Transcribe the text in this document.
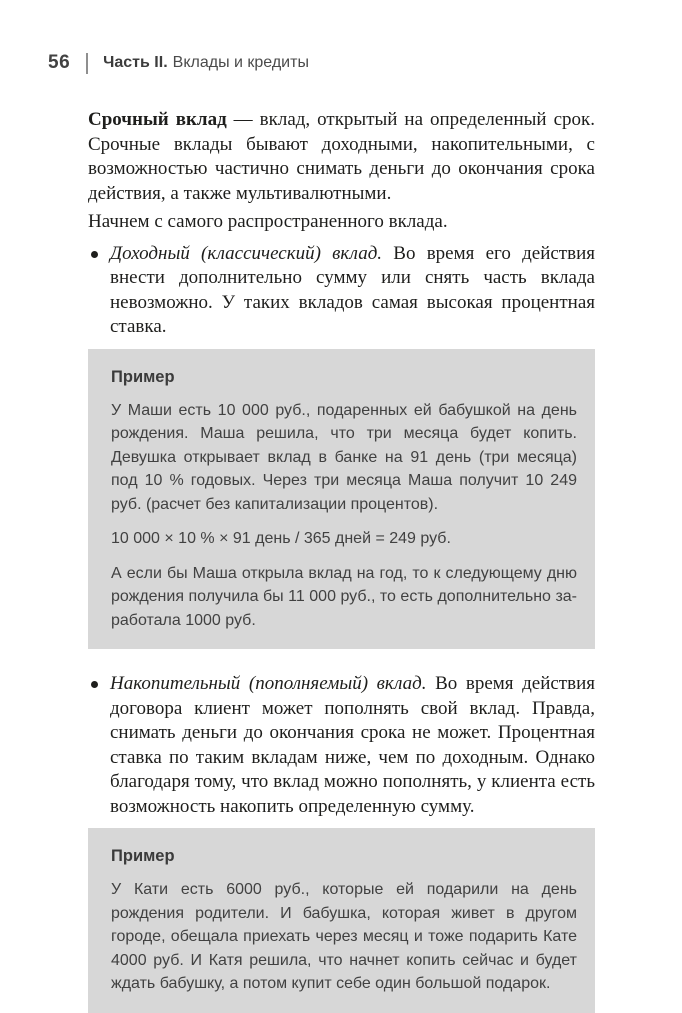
56 Часть II. Вклады и кредиты

Срочный вклад — вклад, открытый на определенный срок. Срочные вклады бывают доходными, накопительными, с возможностью частично снимать деньги до окончания срока действия, а также мультивалютными.

Начнем с самого распространенного вклада.

Доходный (классический) вклад. Во время его действия внести дополнительно сумму или снять часть вклада невозможно. У таких вкладов самая высокая процентная ставка.
Пример

У Маши есть 10 000 руб., подаренных ей бабушкой на день рождения. Маша решила, что три месяца будет копить. Девушка открывает вклад в банке на 91 день (три месяца) под 10 % годовых. Через три месяца Маша получит 10 249 руб. (расчет без капитализации процентов).

10 000 × 10 % × 91 день / 365 дней = 249 руб.

А если бы Маша открыла вклад на год, то к следующему дню рождения получила бы 11 000 руб., то есть дополнительно заработала 1000 руб.

Накопительный (пополняемый) вклад. Во время действия договора клиент может пополнять свой вклад. Правда, снимать деньги до окончания срока не может. Процентная ставка по таким вкладам ниже, чем по доходным. Однако благодаря тому, что вклад можно пополнять, у клиента есть возможность накопить определенную сумму.
Пример

У Кати есть 6000 руб., которые ей подарили на день рождения родители. И бабушка, которая живет в другом городе, обещала приехать через месяц и тоже подарить Кате 4000 руб. И Катя решила, что начнет копить сейчас и будет ждать бабушку, а потом купит себе один большой подарок.
